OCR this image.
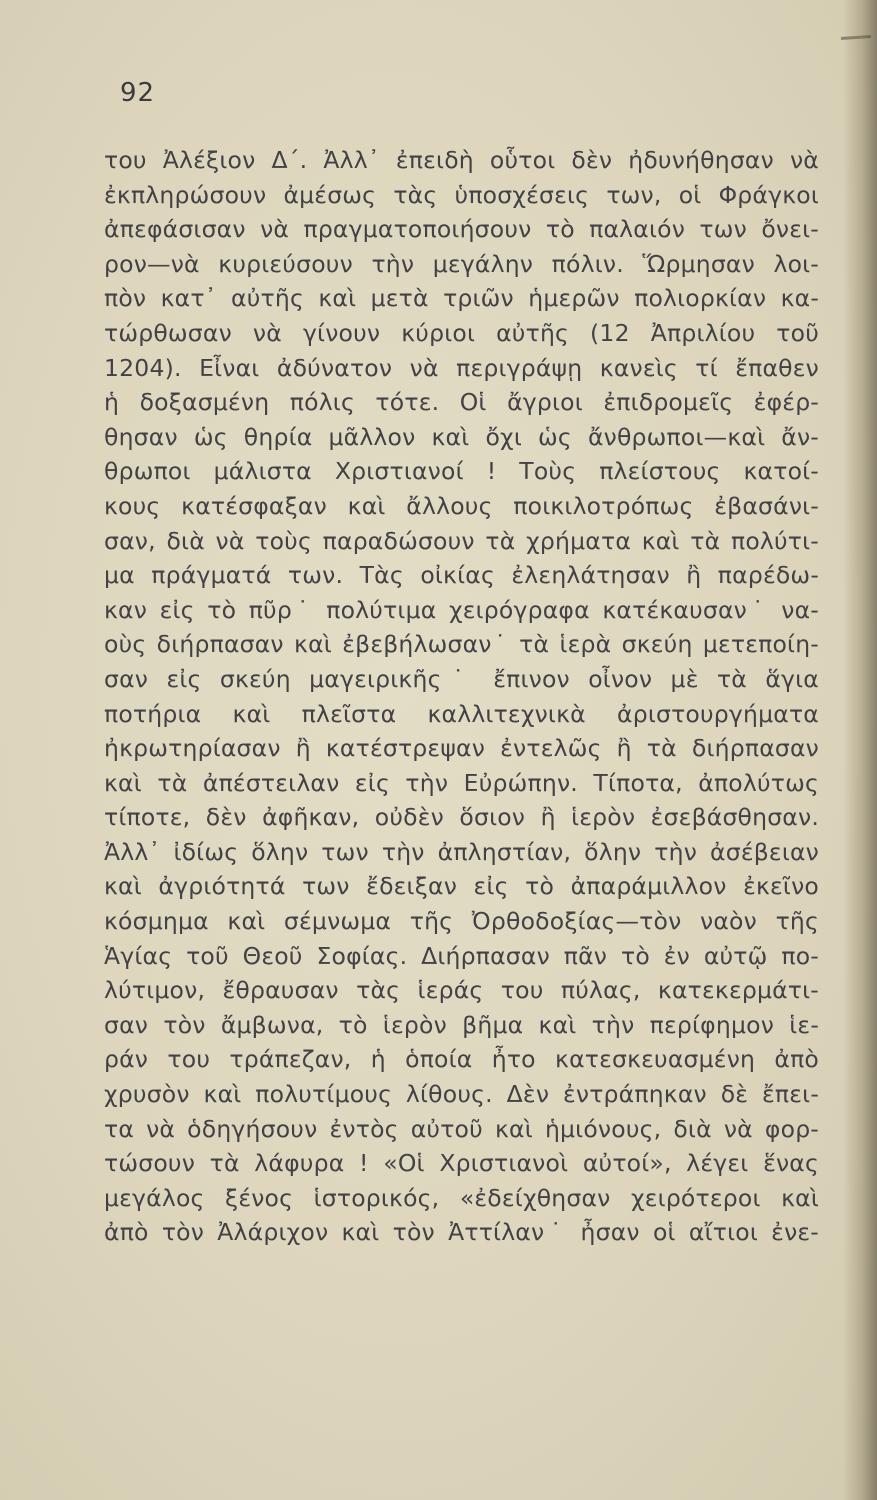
92
του Ἀλέξιον Δ΄. Ἀλλ᾽ ἐπειδὴ οὗτοι δὲν ἠδυνήθησαν νὰ
ἐκπληρώσουν ἀμέσως τὰς ὑποσχέσεις των, οἱ Φράγκοι
ἀπεφάσισαν νὰ πραγματοποιήσουν τὸ παλαιόν των ὄνει-
ρον—νὰ κυριεύσουν τὴν μεγάλην πόλιν. Ὥρμησαν λοι-
πὸν κατ᾽ αὐτῆς καὶ μετὰ τριῶν ἡμερῶν πολιορκίαν κα-
τώρθωσαν νὰ γίνουν κύριοι αὐτῆς (12 Ἀπριλίου τοῦ
1204). Εἶναι ἀδύνατον νὰ περιγράψῃ κανεὶς τί ἔπαθεν
ἡ δοξασμένη πόλις τότε. Οἱ ἄγριοι ἐπιδρομεῖς ἐφέρ-
θησαν ὡς θηρία μᾶλλον καὶ ὄχι ὡς ἄνθρωποι—καὶ ἄν-
θρωποι μάλιστα Χριστιανοί ! Τοὺς πλείστους κατοί-
κους κατέσφαξαν καὶ ἄλλους ποικιλοτρόπως ἐβασάνι-
σαν, διὰ νὰ τοὺς παραδώσουν τὰ χρήματα καὶ τὰ πολύτι-
μα πράγματά των. Τὰς οἰκίας ἐλεηλάτησαν ἢ παρέδω-
καν εἰς τὸ πῦρ˙ πολύτιμα χειρόγραφα κατέκαυσαν˙ να-
οὺς διήρπασαν καὶ ἐβεβήλωσαν˙ τὰ ἱερὰ σκεύη μετεποίη-
σαν εἰς σκεύη μαγειρικῆς˙ ἔπινον οἶνον μὲ τὰ ἅγια
ποτήρια καὶ πλεῖστα καλλιτεχνικὰ ἀριστουργήματα
ἠκρωτηρίασαν ἢ κατέστρεψαν ἐντελῶς ἢ τὰ διήρπασαν
καὶ τὰ ἀπέστειλαν εἰς τὴν Εὐρώπην. Τίποτα, ἀπολύτως
τίποτε, δὲν ἀφῆκαν, οὐδὲν ὅσιον ἢ ἱερὸν ἐσεβάσθησαν.
Ἀλλ᾽ ἰδίως ὅλην των τὴν ἀπληστίαν, ὅλην τὴν ἀσέβειαν
καὶ ἀγριότητά των ἔδειξαν εἰς τὸ ἀπαράμιλλον ἐκεῖνο
κόσμημα καὶ σέμνωμα τῆς Ὀρθοδοξίας—τὸν ναὸν τῆς
Ἁγίας τοῦ Θεοῦ Σοφίας. Διήρπασαν πᾶν τὸ ἐν αὐτῷ πο-
λύτιμον, ἔθραυσαν τὰς ἱεράς του πύλας, κατεκερμάτι-
σαν τὸν ἄμβωνα, τὸ ἱερὸν βῆμα καὶ τὴν περίφημον ἱε-
ράν του τράπεζαν, ἡ ὁποία ἦτο κατεσκευασμένη ἀπὸ
χρυσὸν καὶ πολυτίμους λίθους. Δὲν ἐντράπηκαν δὲ ἔπει-
τα νὰ ὁδηγήσουν ἐντὸς αὐτοῦ καὶ ἡμιόνους, διὰ νὰ φορ-
τώσουν τὰ λάφυρα ! «Οἱ Χριστιανοὶ αὐτοί», λέγει ἕνας
μεγάλος ξένος ἱστορικός, «ἐδείχθησαν χειρότεροι καὶ
ἀπὸ τὸν Ἀλάριχον καὶ τὸν Ἀττίλαν˙ ἦσαν οἱ αἴτιοι ἐνε-
